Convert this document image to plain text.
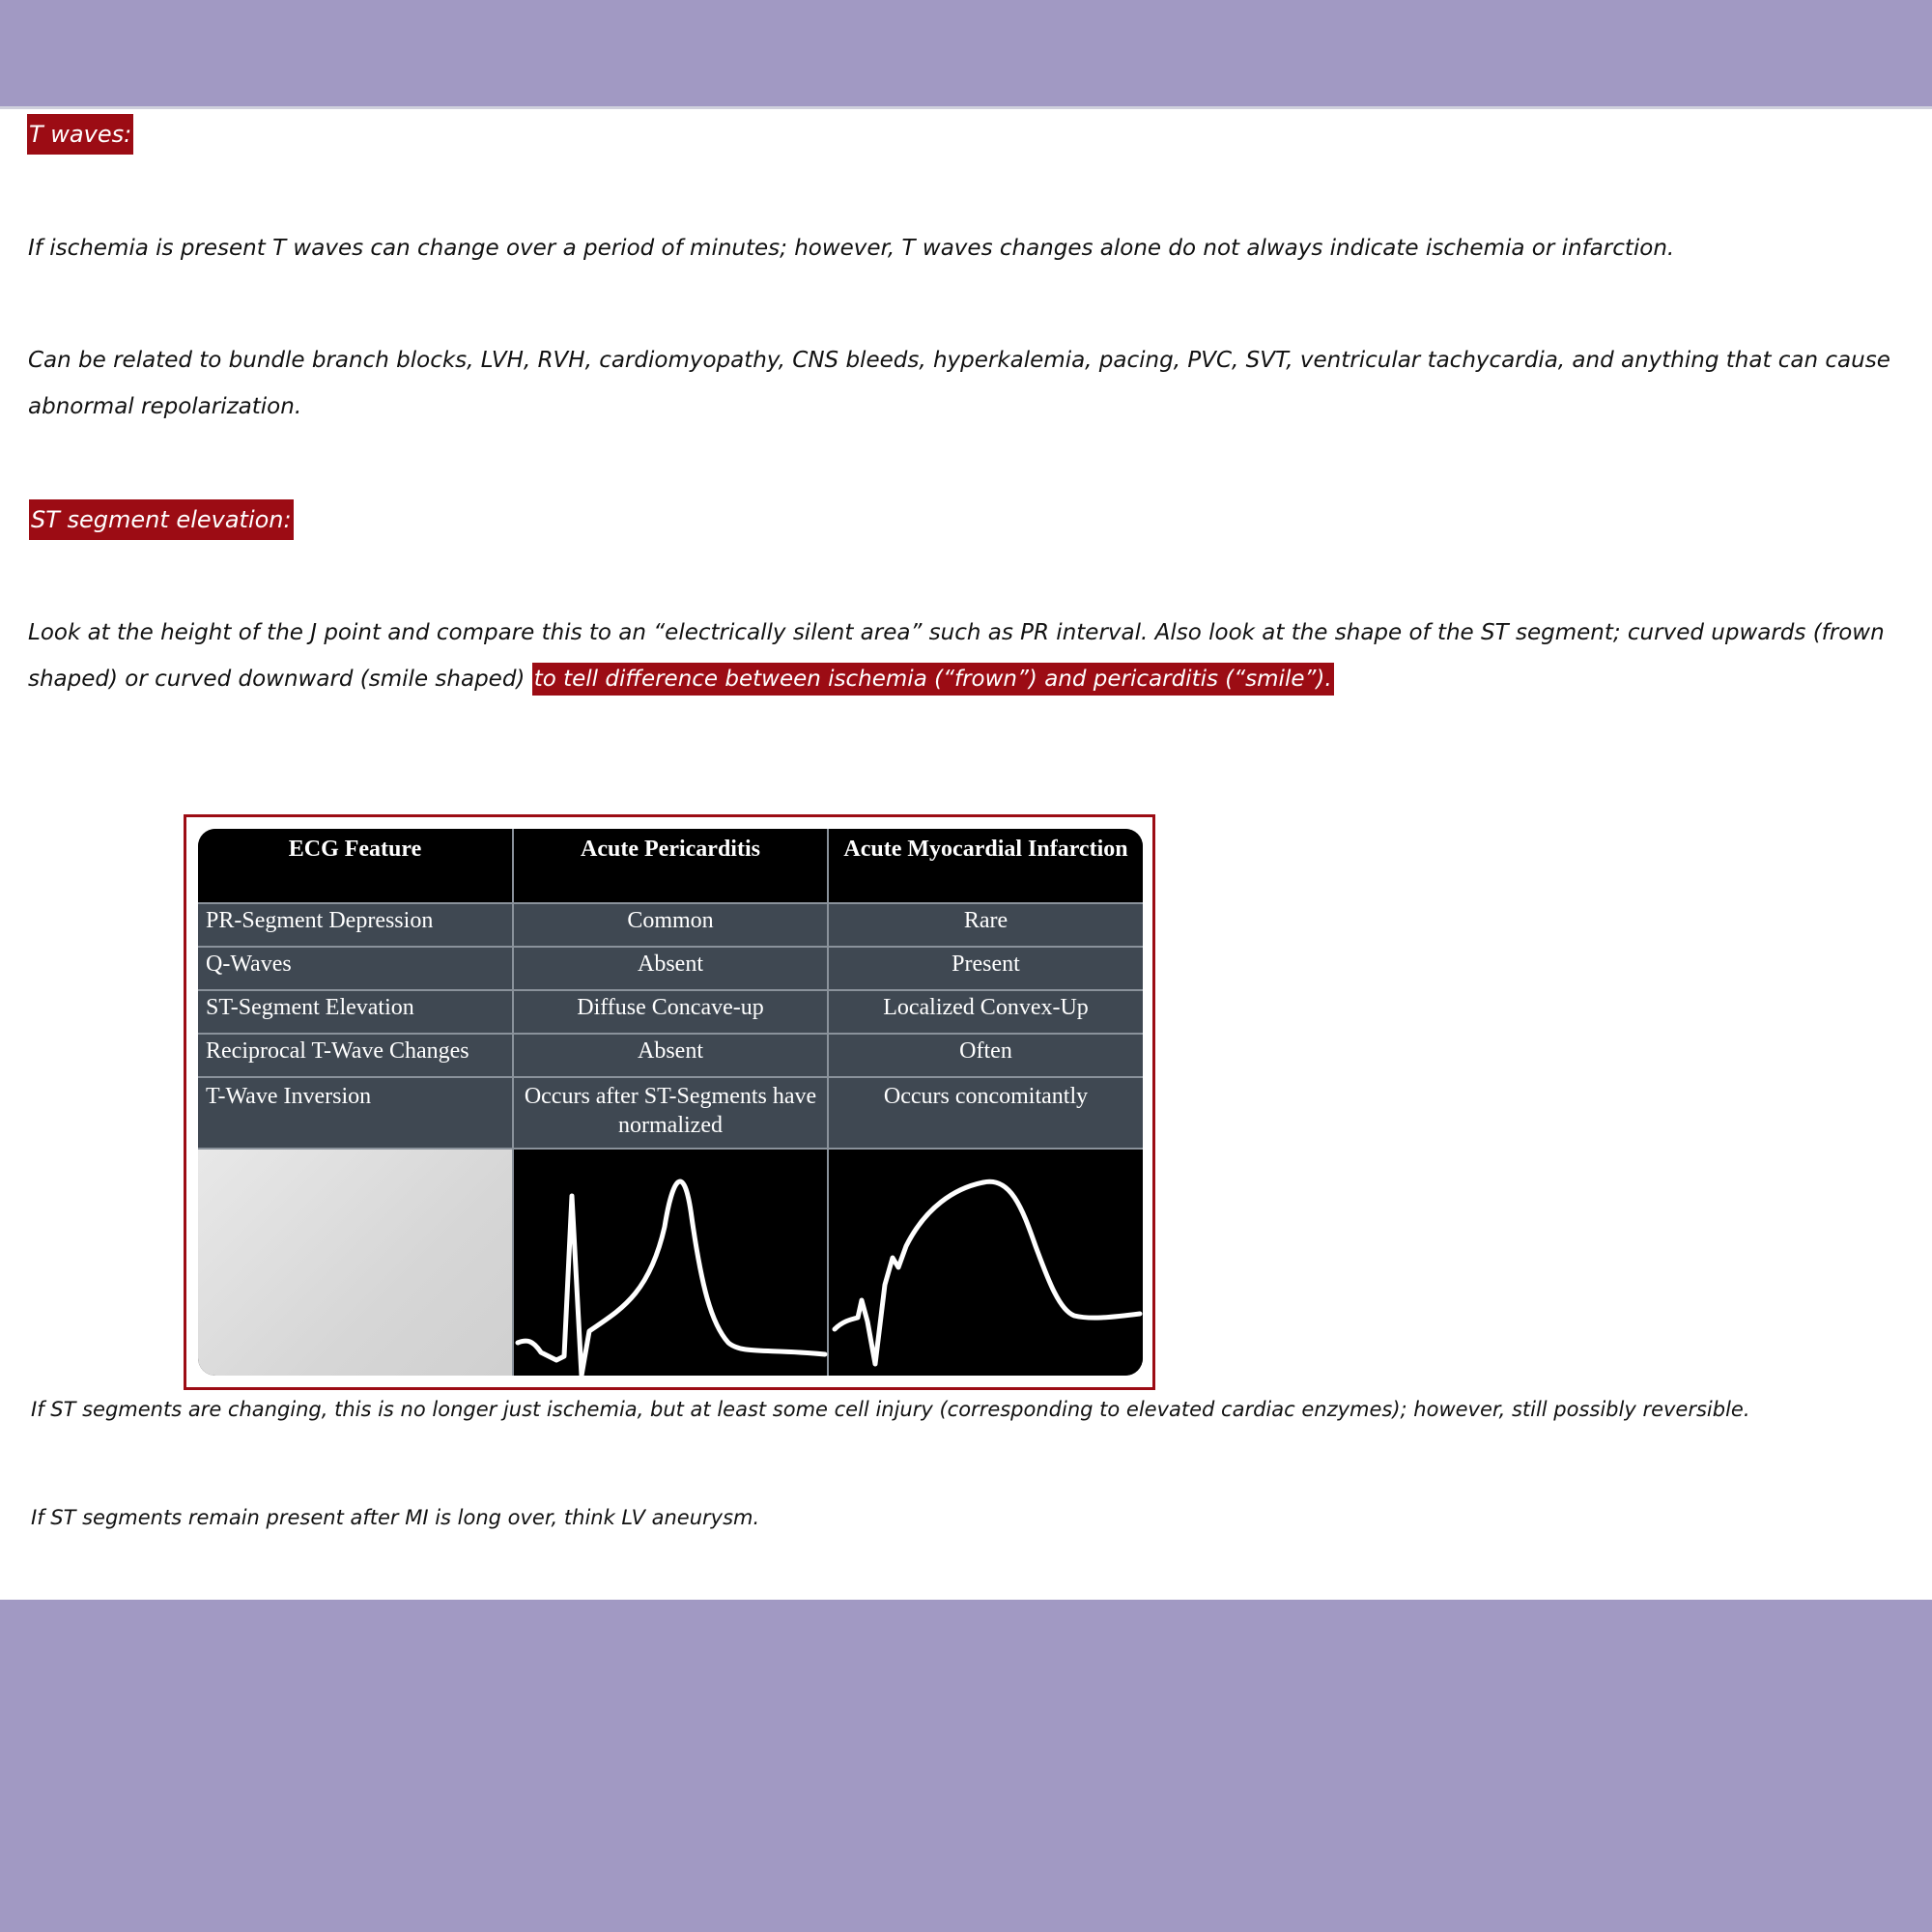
T waves:

If ischemia is present T waves can change over a period of minutes; however, T waves changes alone do not always indicate ischemia or infarction.

Can be related to bundle branch blocks, LVH, RVH, cardiomyopathy, CNS bleeds, hyperkalemia, pacing, PVC, SVT, ventricular tachycardia, and anything that can cause
abnormal repolarization.

ST segment elevation:

Look at the height of the J point and compare this to an “electrically silent area” such as PR interval. Also look at the shape of the ST segment; curved upwards (frown
shaped) or curved downward (smile shaped) to tell difference between ischemia (“frown”) and pericarditis (“smile”).

ECG Feature	Acute Pericarditis	Acute Myocardial Infarction
PR-Segment Depression	Common	Rare
Q-Waves	Absent	Present
ST-Segment Elevation	Diffuse Concave-up	Localized Convex-Up
Reciprocal T-Wave Changes	Absent	Often
T-Wave Inversion	Occurs after ST-Segments have normalized	Occurs concomitantly

If ST segments are changing, this is no longer just ischemia, but at least some cell injury (corresponding to elevated cardiac enzymes); however, still possibly reversible.

If ST segments remain present after MI is long over, think LV aneurysm.
